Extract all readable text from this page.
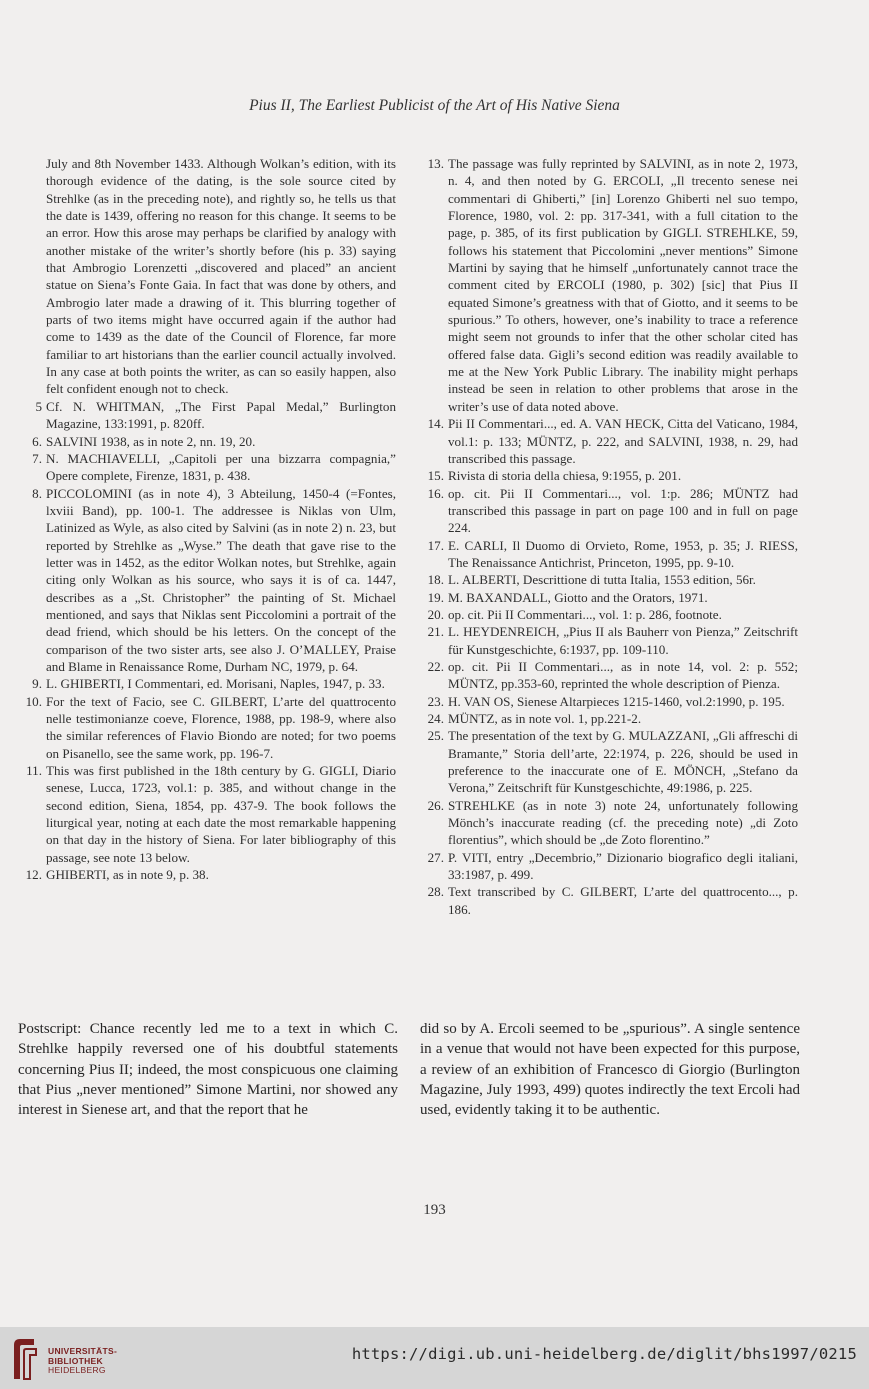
Pius II, The Earliest Publicist of the Art of His Native Siena
July and 8th November 1433. Although Wolkan’s edition, with its thorough evidence of the dating, is the sole source cited by Strehlke (as in the preceding note), and rightly so, he tells us that the date is 1439, offering no reason for this change. It seems to be an error. How this arose may perhaps be clarified by analogy with another mistake of the writer’s shortly before (his p. 33) saying that Ambrogio Lorenzetti „discovered and placed” an ancient statue on Siena’s Fonte Gaia. In fact that was done by others, and Ambrogio later made a drawing of it. This blurring together of parts of two items might have occurred again if the author had come to 1439 as the date of the Council of Florence, far more familiar to art historians than the earlier council actually involved. In any case at both points the writer, as can so easily happen, also felt confident enough not to check.
5 Cf. N. WHITMAN, „The First Papal Medal,” Burlington Magazine, 133:1991, p. 820ff.
6. SALVINI 1938, as in note 2, nn. 19, 20.
7. N. MACHIAVELLI, „Capitoli per una bizzarra compagnia,” Opere complete, Firenze, 1831, p. 438.
8. PICCOLOMINI (as in note 4), 3 Abteilung, 1450-4 (=Fontes, lxviii Band), pp. 100-1. The addressee is Niklas von Ulm, Latinized as Wyle, as also cited by Salvini (as in note 2) n. 23, but reported by Strehlke as „Wyse.” The death that gave rise to the letter was in 1452, as the editor Wolkan notes, but Strehlke, again citing only Wolkan as his source, who says it is of ca. 1447, describes as a „St. Christopher” the painting of St. Michael mentioned, and says that Niklas sent Piccolomini a portrait of the dead friend, which should be his letters. On the concept of the comparison of the two sister arts, see also J. O’MALLEY, Praise and Blame in Renaissance Rome, Durham NC, 1979, p. 64.
9. L. GHIBERTI, I Commentari, ed. Morisani, Naples, 1947, p. 33.
10. For the text of Facio, see C. GILBERT, L’arte del quattrocento nelle testimonianze coeve, Florence, 1988, pp. 198-9, where also the similar references of Flavio Biondo are noted; for two poems on Pisanello, see the same work, pp. 196-7.
11. This was first published in the 18th century by G. GIGLI, Diario senese, Lucca, 1723, vol.1: p. 385, and without change in the second edition, Siena, 1854, pp. 437-9. The book follows the liturgical year, noting at each date the most remarkable happening on that day in the history of Siena. For later bibliography of this passage, see note 13 below.
12. GHIBERTI, as in note 9, p. 38.
13. The passage was fully reprinted by SALVINI, as in note 2, 1973, n. 4, and then noted by G. ERCOLI, „Il trecento senese nei commentari di Ghiberti,” [in] Lorenzo Ghiberti nel suo tempo, Florence, 1980, vol. 2: pp. 317-341, with a full citation to the page, p. 385, of its first publication by GIGLI. STREHLKE, 59, follows his statement that Piccolomini „never mentions” Simone Martini by saying that he himself „unfortunately cannot trace the comment cited by ERCOLI (1980, p. 302) [sic] that Pius II equated Simone’s greatness with that of Giotto, and it seems to be spurious.” To others, however, one’s inability to trace a reference might seem not grounds to infer that the other scholar cited has offered false data. Gigli’s second edition was readily available to me at the New York Public Library. The inability might perhaps instead be seen in relation to other problems that arose in the writer’s use of data noted above.
14. Pii II Commentari..., ed. A. VAN HECK, Citta del Vaticano, 1984, vol.1: p. 133; MÜNTZ, p. 222, and SALVINI, 1938, n. 29, had transcribed this passage.
15. Rivista di storia della chiesa, 9:1955, p. 201.
16. op. cit. Pii II Commentari..., vol. 1:p. 286; MÜNTZ had transcribed this passage in part on page 100 and in full on page 224.
17. E. CARLI, Il Duomo di Orvieto, Rome, 1953, p. 35; J. RIESS, The Renaissance Antichrist, Princeton, 1995, pp. 9-10.
18. L. ALBERTI, Descrittione di tutta Italia, 1553 edition, 56r.
19. M. BAXANDALL, Giotto and the Orators, 1971.
20. op. cit. Pii II Commentari..., vol. 1: p. 286, footnote.
21. L. HEYDENREICH, „Pius II als Bauherr von Pienza,” Zeitschrift für Kunstgeschichte, 6:1937, pp. 109-110.
22. op. cit. Pii II Commentari..., as in note 14, vol. 2: p. 552; MÜNTZ, pp.353-60, reprinted the whole description of Pienza.
23. H. VAN OS, Sienese Altarpieces 1215-1460, vol.2:1990, p. 195.
24. MÜNTZ, as in note vol. 1, pp.221-2.
25. The presentation of the text by G. MULAZZANI, „Gli affreschi di Bramante,” Storia dell’arte, 22:1974, p. 226, should be used in preference to the inaccurate one of E. MÖNCH, „Stefano da Verona,” Zeitschrift für Kunstgeschichte, 49:1986, p. 225.
26. STREHLKE (as in note 3) note 24, unfortunately following Mönch’s inaccurate reading (cf. the preceding note) „di Zoto florentius”, which should be „de Zoto florentino.”
27. P. VITI, entry „Decembrio,” Dizionario biografico degli italiani, 33:1987, p. 499.
28. Text transcribed by C. GILBERT, L’arte del quattrocento..., p. 186.
Postscript: Chance recently led me to a text in which C. Strehlke happily reversed one of his doubtful statements concerning Pius II; indeed, the most conspicuous one claiming that Pius „never mentioned” Simone Martini, nor showed any interest in Sienese art, and that the report that he
did so by A. Ercoli seemed to be „spurious”. A single sentence in a venue that would not have been expected for this purpose, a review of an exhibition of Francesco di Giorgio (Burlington Magazine, July 1993, 499) quotes indirectly the text Ercoli had used, evidently taking it to be authentic.
193
UNIVERSITÄTS-
BIBLIOTHEK
HEIDELBERG
https://digi.ub.uni-heidelberg.de/diglit/bhs1997/0215
